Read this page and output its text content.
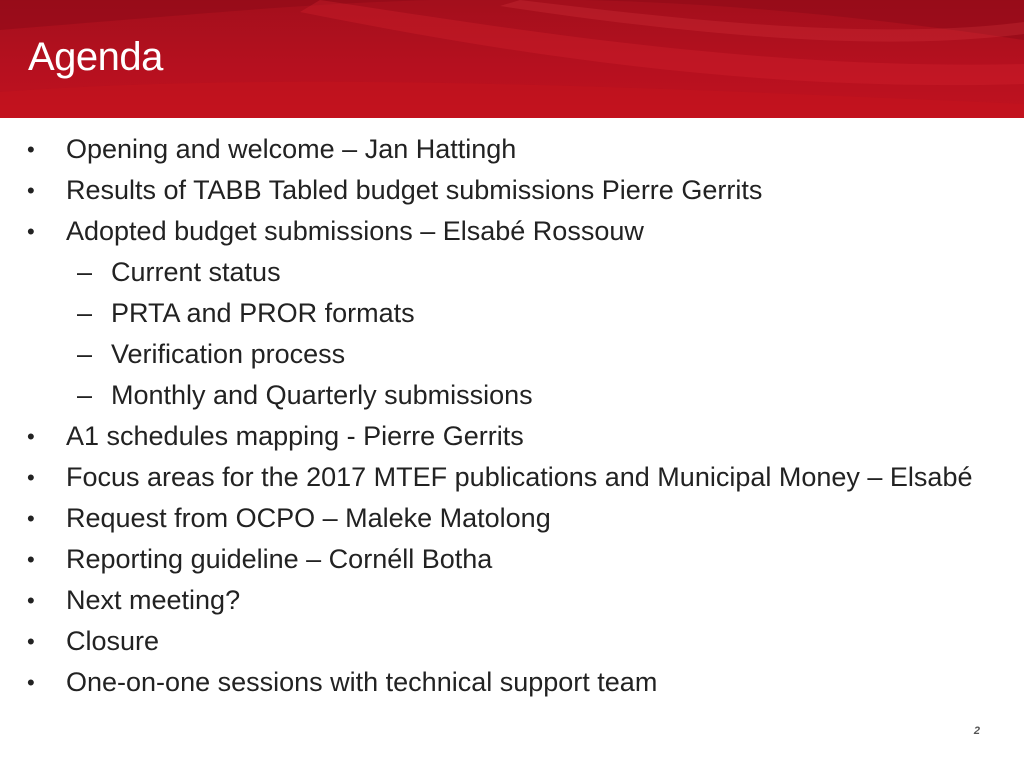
Agenda
• Opening and welcome – Jan Hattingh
• Results of TABB Tabled budget submissions Pierre Gerrits
• Adopted budget submissions – Elsabé Rossouw
– Current status
– PRTA and PROR formats
– Verification process
– Monthly and Quarterly submissions
• A1 schedules mapping - Pierre Gerrits
• Focus areas for the 2017 MTEF publications and Municipal Money – Elsabé
• Request from OCPO – Maleke Matolong
• Reporting guideline – Cornéll Botha
• Next meeting?
• Closure
• One-on-one sessions with technical support team
2
